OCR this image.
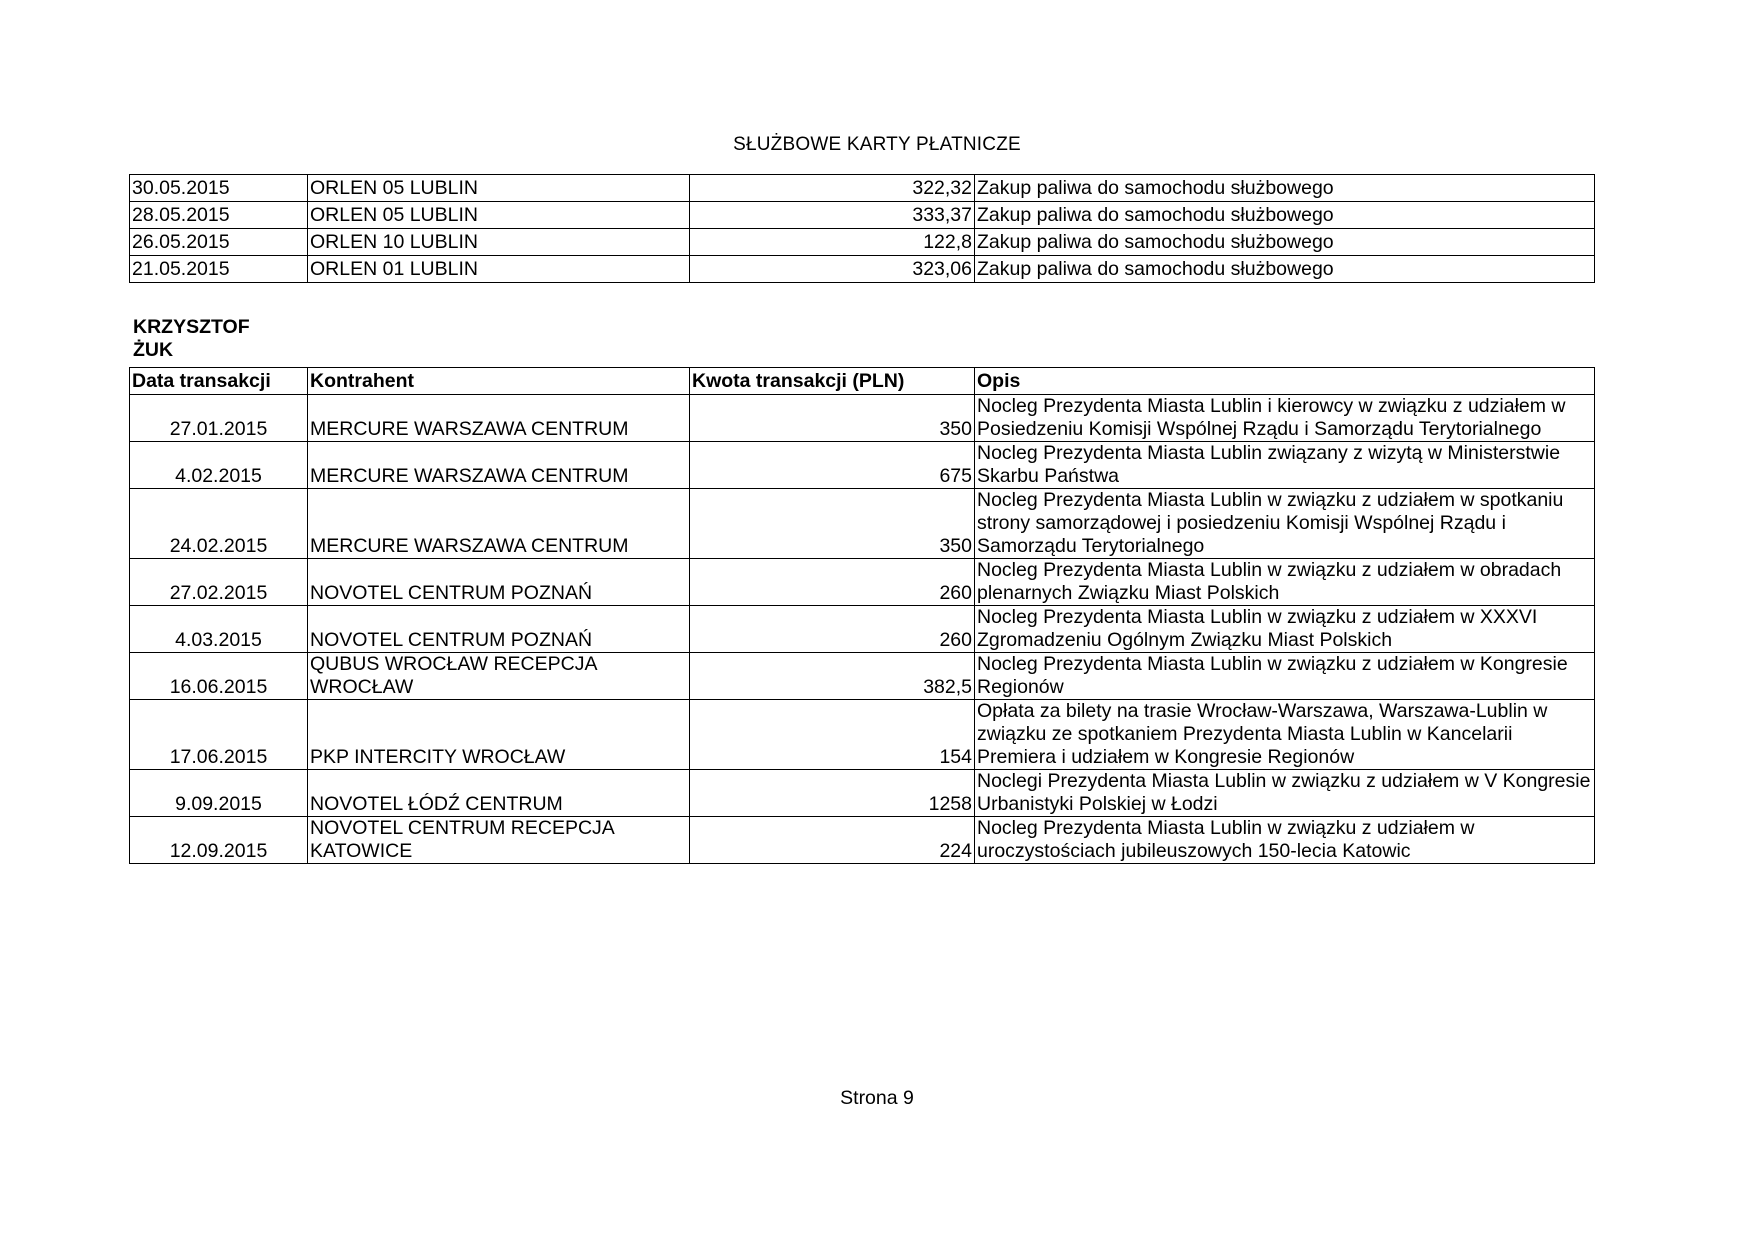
SŁUŻBOWE KARTY PŁATNICZE
30.05.2015	ORLEN 05 LUBLIN	322,32	Zakup paliwa do samochodu służbowego
28.05.2015	ORLEN 05 LUBLIN	333,37	Zakup paliwa do samochodu służbowego
26.05.2015	ORLEN 10 LUBLIN	122,8	Zakup paliwa do samochodu służbowego
21.05.2015	ORLEN 01 LUBLIN	323,06	Zakup paliwa do samochodu służbowego
KRZYSZTOF
ŻUK
Data transakcji	Kontrahent	Kwota transakcji (PLN)	Opis
27.01.2015	MERCURE WARSZAWA CENTRUM	350	Nocleg Prezydenta Miasta Lublin i kierowcy w związku z udziałem w Posiedzeniu Komisji Wspólnej Rządu i Samorządu Terytorialnego
4.02.2015	MERCURE WARSZAWA CENTRUM	675	Nocleg Prezydenta Miasta Lublin związany z wizytą w Ministerstwie Skarbu Państwa
24.02.2015	MERCURE WARSZAWA CENTRUM	350	Nocleg Prezydenta Miasta Lublin w związku z udziałem w spotkaniu strony samorządowej i posiedzeniu Komisji Wspólnej Rządu i Samorządu Terytorialnego
27.02.2015	NOVOTEL CENTRUM POZNAŃ	260	Nocleg Prezydenta Miasta Lublin w związku z udziałem w obradach plenarnych Związku Miast Polskich
4.03.2015	NOVOTEL CENTRUM POZNAŃ	260	Nocleg Prezydenta Miasta Lublin w związku z udziałem w XXXVI Zgromadzeniu Ogólnym Związku Miast Polskich
16.06.2015	QUBUS WROCŁAW RECEPCJA WROCŁAW	382,5	Nocleg Prezydenta Miasta Lublin w związku z udziałem w Kongresie Regionów
17.06.2015	PKP INTERCITY WROCŁAW	154	Opłata za bilety na trasie Wrocław-Warszawa, Warszawa-Lublin w związku ze spotkaniem Prezydenta Miasta Lublin w Kancelarii Premiera i udziałem w Kongresie Regionów
9.09.2015	NOVOTEL ŁÓDŹ CENTRUM	1258	Noclegi Prezydenta Miasta Lublin w związku z udziałem w V Kongresie Urbanistyki Polskiej w Łodzi
12.09.2015	NOVOTEL CENTRUM RECEPCJA KATOWICE	224	Nocleg Prezydenta Miasta Lublin w związku z udziałem w uroczystościach jubileuszowych 150-lecia Katowic
Strona 9
